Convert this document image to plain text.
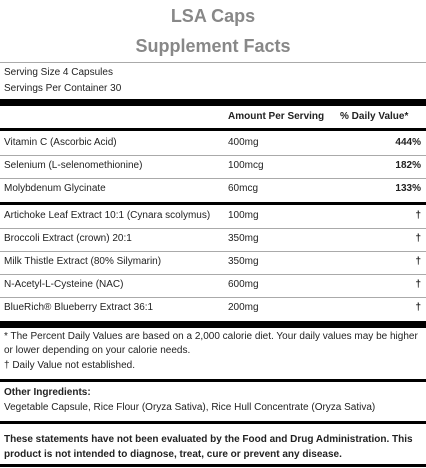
LSA Caps
Supplement Facts
Serving Size 4 Capsules
Servings Per Container 30
Amount Per Serving % Daily Value*
Vitamin C (Ascorbic Acid)	400mg	444%
Selenium (L-selenomethionine)	100mcg	182%
Molybdenum Glycinate	60mcg	133%
Artichoke Leaf Extract 10:1 (Cynara scolymus) 100mg	†
Broccoli Extract (crown) 20:1	350mg	†
Milk Thistle Extract (80% Silymarin)	350mg	†
N-Acetyl-L-Cysteine (NAC)	600mg	†
BlueRich® Blueberry Extract 36:1	200mg	†
* The Percent Daily Values are based on a 2,000 calorie diet. Your daily values may be higher
or lower depending on your calorie needs.
† Daily Value not established.
Other Ingredients:
Vegetable Capsule, Rice Flour (Oryza Sativa), Rice Hull Concentrate (Oryza Sativa)
These statements have not been evaluated by the Food and Drug Administration. This
product is not intended to diagnose, treat, cure or prevent any disease.
